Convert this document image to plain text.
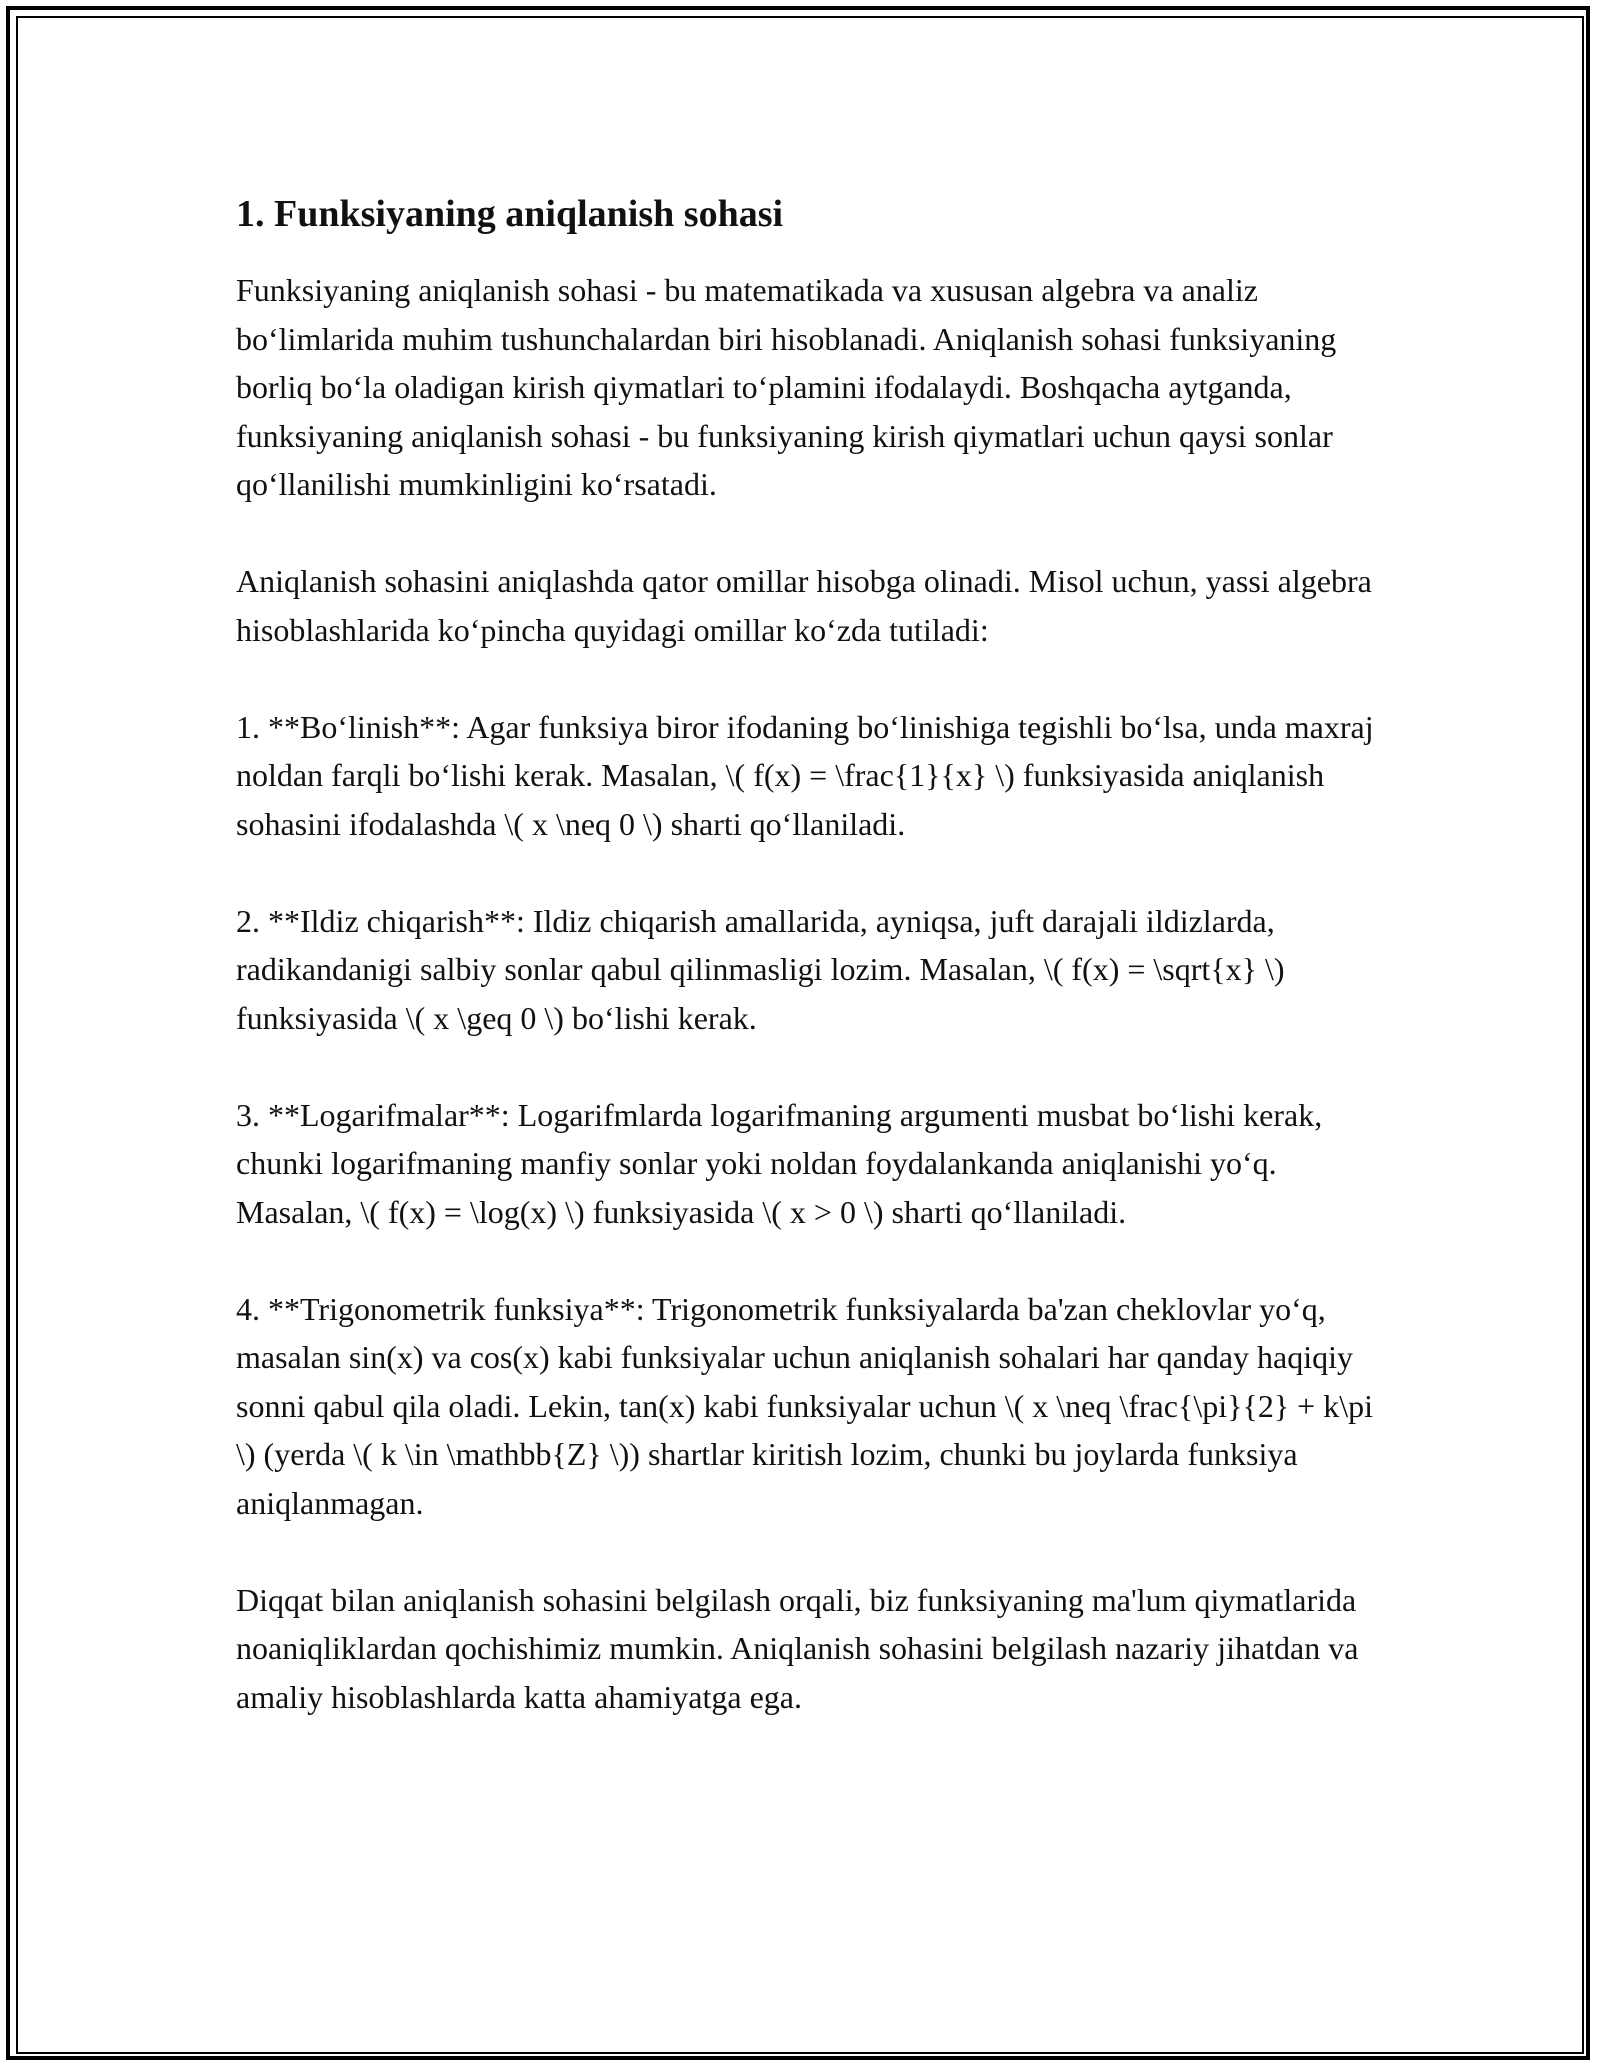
1. Funksiyaning aniqlanish sohasi

Funksiyaning aniqlanish sohasi - bu matematikada va xususan algebra va analiz bo‘limlarida muhim tushunchalardan biri hisoblanadi. Aniqlanish sohasi funksiyaning borliq bo‘la oladigan kirish qiymatlari to‘plamini ifodalaydi. Boshqacha aytganda, funksiyaning aniqlanish sohasi - bu funksiyaning kirish qiymatlari uchun qaysi sonlar qo‘llanilishi mumkinligini ko‘rsatadi.

Aniqlanish sohasini aniqlashda qator omillar hisobga olinadi. Misol uchun, yassi algebra hisoblashlarida ko‘pincha quyidagi omillar ko‘zda tutiladi:

1. **Bo‘linish**: Agar funksiya biror ifodaning bo‘linishiga tegishli bo‘lsa, unda maxraj noldan farqli bo‘lishi kerak. Masalan, \( f(x) = \frac{1}{x} \) funksiyasida aniqlanish sohasini ifodalashda \( x \neq 0 \) sharti qo‘llaniladi.

2. **Ildiz chiqarish**: Ildiz chiqarish amallarida, ayniqsa, juft darajali ildizlarda, radikandanigi salbiy sonlar qabul qilinmasligi lozim. Masalan, \( f(x) = \sqrt{x} \) funksiyasida \( x \geq 0 \) bo‘lishi kerak.

3. **Logarifmalar**: Logarifmlarda logarifmaning argumenti musbat bo‘lishi kerak, chunki logarifmaning manfiy sonlar yoki noldan foydalankanda aniqlanishi yo‘q. Masalan, \( f(x) = \log(x) \) funksiyasida \( x > 0 \) sharti qo‘llaniladi.

4. **Trigonometrik funksiya**: Trigonometrik funksiyalarda ba'zan cheklovlar yo‘q, masalan sin(x) va cos(x) kabi funksiyalar uchun aniqlanish sohalari har qanday haqiqiy sonni qabul qila oladi. Lekin, tan(x) kabi funksiyalar uchun \( x \neq \frac{\pi}{2} + k\pi \) (yerda \( k \in \mathbb{Z} \)) shartlar kiritish lozim, chunki bu joylarda funksiya aniqlanmagan.

Diqqat bilan aniqlanish sohasini belgilash orqali, biz funksiyaning ma'lum qiymatlarida noaniqliklardan qochishimiz mumkin. Aniqlanish sohasini belgilash nazariy jihatdan va amaliy hisoblashlarda katta ahamiyatga ega.
